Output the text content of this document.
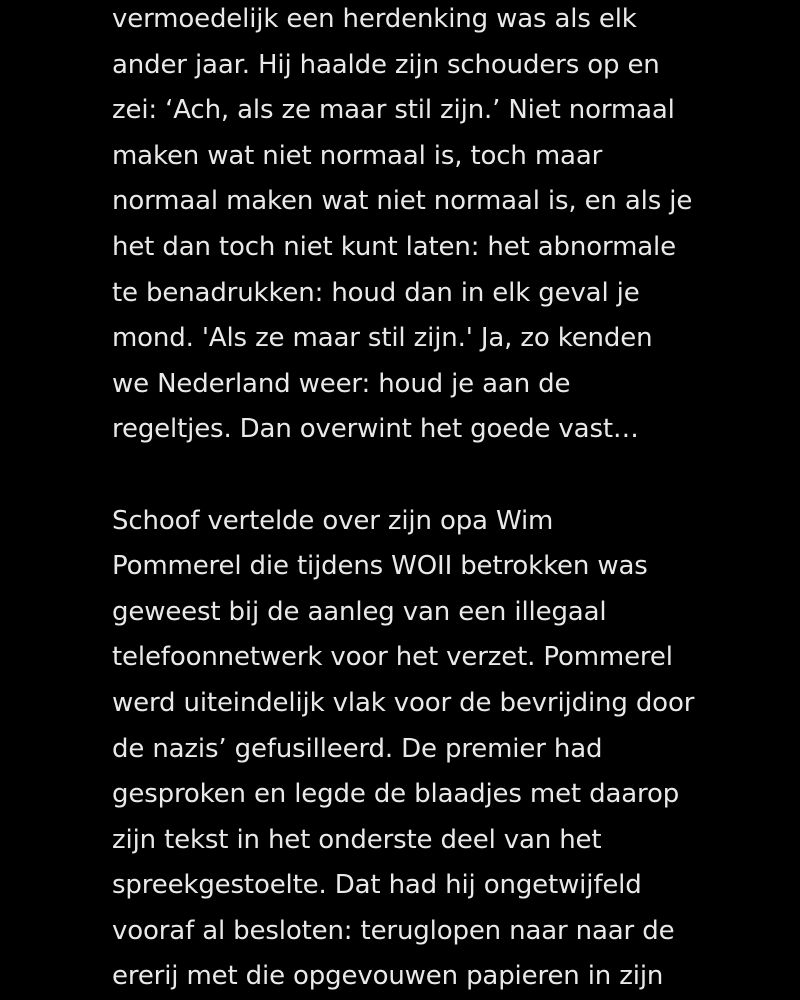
vermoedelijk een herdenking was als elk
ander jaar. Hij haalde zijn schouders op en
zei: ‘Ach, als ze maar stil zijn.’ Niet normaal
maken wat niet normaal is, toch maar
normaal maken wat niet normaal is, en als je
het dan toch niet kunt laten: het abnormale
te benadrukken: houd dan in elk geval je
mond. 'Als ze maar stil zijn.' Ja, zo kenden
we Nederland weer: houd je aan de
regeltjes. Dan overwint het goede vast…
Schoof vertelde over zijn opa Wim
Pommerel die tijdens WOII betrokken was
geweest bij de aanleg van een illegaal
telefoonnetwerk voor het verzet. Pommerel
werd uiteindelijk vlak voor de bevrijding door
de nazis’ gefusilleerd. De premier had
gesproken en legde de blaadjes met daarop
zijn tekst in het onderste deel van het
spreekgestoelte. Dat had hij ongetwijfeld
vooraf al besloten: teruglopen naar naar de
ererij met die opgevouwen papieren in zijn
